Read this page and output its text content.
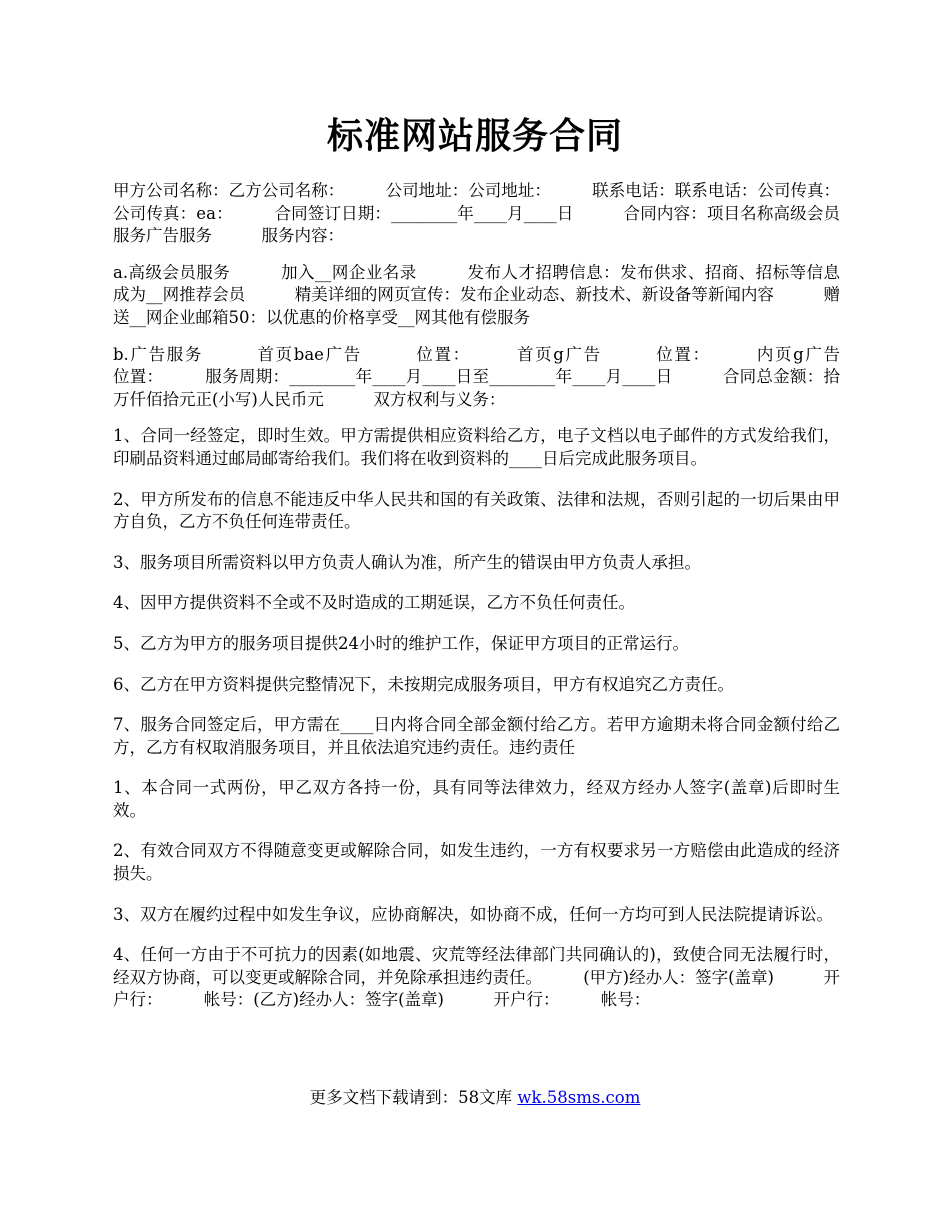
标准网站服务合同

甲方公司名称：乙方公司名称：　　　公司地址：公司地址：　　　联系电话：联系电话：公司传真：公司传真：ea：　　　合同签订日期：________年____月____日　　　合同内容：项目名称高级会员服务广告服务　　　服务内容：

a.高级会员服务　　　加入__网企业名录　　　发布人才招聘信息：发布供求、招商、招标等信息　　　成为__网推荐会员　　　精美详细的网页宣传：发布企业动态、新技术、新设备等新闻内容　　　赠送__网企业邮箱50：以优惠的价格享受__网其他有偿服务

b.广告服务　　　首页bae广告　　　位置：　　　首页g广告　　　位置：　　　内页g广告　　　位置：　　　服务周期：________年____月____日至________年____月____日　　　合同总金额：拾万仟佰拾元正(小写)人民币元　　　双方权利与义务：

1、合同一经签定，即时生效。甲方需提供相应资料给乙方，电子文档以电子邮件的方式发给我们，印刷品资料通过邮局邮寄给我们。我们将在收到资料的____日后完成此服务项目。

2、甲方所发布的信息不能违反中华人民共和国的有关政策、法律和法规，否则引起的一切后果由甲方自负，乙方不负任何连带责任。

3、服务项目所需资料以甲方负责人确认为准，所产生的错误由甲方负责人承担。

4、因甲方提供资料不全或不及时造成的工期延误，乙方不负任何责任。

5、乙方为甲方的服务项目提供24小时的维护工作，保证甲方项目的正常运行。

6、乙方在甲方资料提供完整情况下，未按期完成服务项目，甲方有权追究乙方责任。

7、服务合同签定后，甲方需在____日内将合同全部金额付给乙方。若甲方逾期未将合同金额付给乙方，乙方有权取消服务项目，并且依法追究违约责任。违约责任

1、本合同一式两份，甲乙双方各持一份，具有同等法律效力，经双方经办人签字(盖章)后即时生效。

2、有效合同双方不得随意变更或解除合同，如发生违约，一方有权要求另一方赔偿由此造成的经济损失。

3、双方在履约过程中如发生争议，应协商解决，如协商不成，任何一方均可到人民法院提请诉讼。

4、任何一方由于不可抗力的因素(如地震、灾荒等经法律部门共同确认的)，致使合同无法履行时，经双方协商，可以变更或解除合同，并免除承担违约责任。　　　(甲方)经办人：签字(盖章)　　　开户行：　　　帐号：(乙方)经办人：签字(盖章)　　　开户行：　　　帐号：

更多文档下载请到：58文库 wk.58sms.com
